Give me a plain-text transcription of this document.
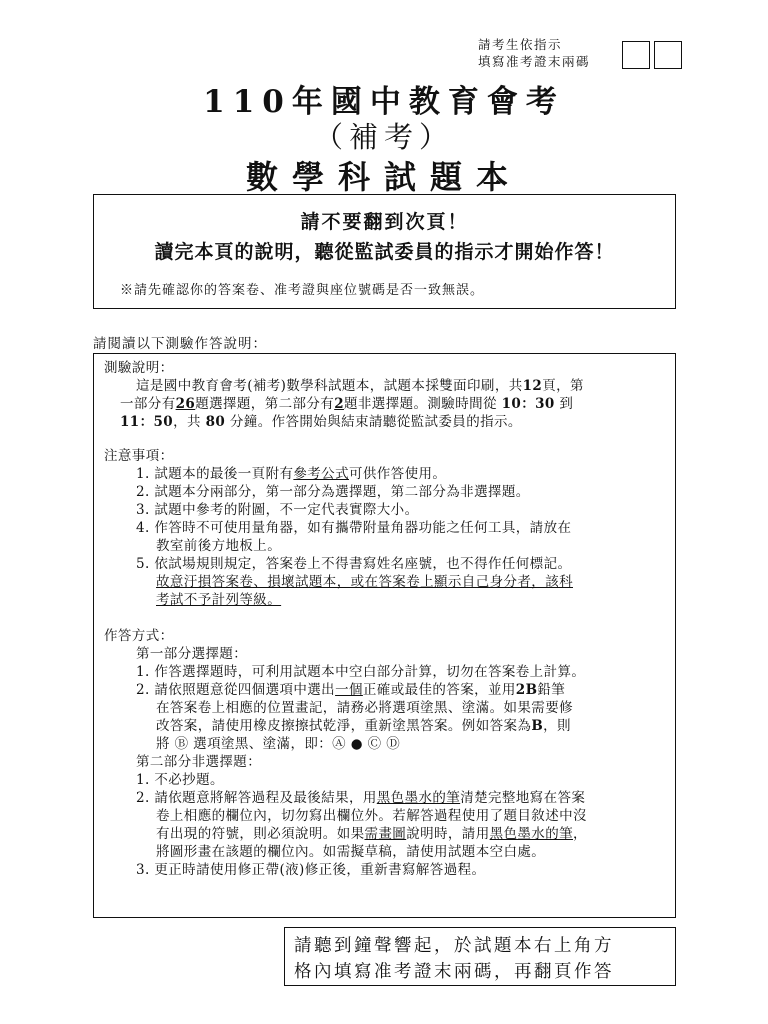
請考生依指示
填寫准考證末兩碼
110年國中教育會考
（補考）
數學科試題本
請不要翻到次頁！
讀完本頁的說明，聽從監試委員的指示才開始作答！
※請先確認你的答案卷、准考證與座位號碼是否一致無誤。
請閱讀以下測驗作答說明：
測驗說明：
這是國中教育會考(補考)數學科試題本，試題本採雙面印刷，共12頁，第
一部分有26題選擇題，第二部分有2題非選擇題。測驗時間從 10：30 到
11：50，共 80 分鐘。作答開始與結束請聽從監試委員的指示。
注意事項：
1. 試題本的最後一頁附有參考公式可供作答使用。
2. 試題本分兩部分，第一部分為選擇題，第二部分為非選擇題。
3. 試題中參考的附圖，不一定代表實際大小。
4. 作答時不可使用量角器，如有攜帶附量角器功能之任何工具，請放在
教室前後方地板上。
5. 依試場規則規定，答案卷上不得書寫姓名座號，也不得作任何標記。
故意汙損答案卷、損壞試題本，或在答案卷上顯示自己身分者，該科
考試不予計列等級。
作答方式：
第一部分選擇題：
1. 作答選擇題時，可利用試題本中空白部分計算，切勿在答案卷上計算。
2. 請依照題意從四個選項中選出一個正確或最佳的答案，並用2B鉛筆
在答案卷上相應的位置畫記，請務必將選項塗黑、塗滿。如果需要修
改答案，請使用橡皮擦擦拭乾淨，重新塗黑答案。例如答案為B，則
將 Ⓑ 選項塗黑、塗滿，即：Ⓐ ● Ⓒ Ⓓ
第二部分非選擇題：
1. 不必抄題。
2. 請依題意將解答過程及最後結果，用黑色墨水的筆清楚完整地寫在答案
卷上相應的欄位內，切勿寫出欄位外。若解答過程使用了題目敘述中沒
有出現的符號，則必須說明。如果需畫圖說明時，請用黑色墨水的筆，
將圖形畫在該題的欄位內。如需擬草稿，請使用試題本空白處。
3. 更正時請使用修正帶(液)修正後，重新書寫解答過程。
請聽到鐘聲響起，於試題本右上角方
格內填寫准考證末兩碼，再翻頁作答
